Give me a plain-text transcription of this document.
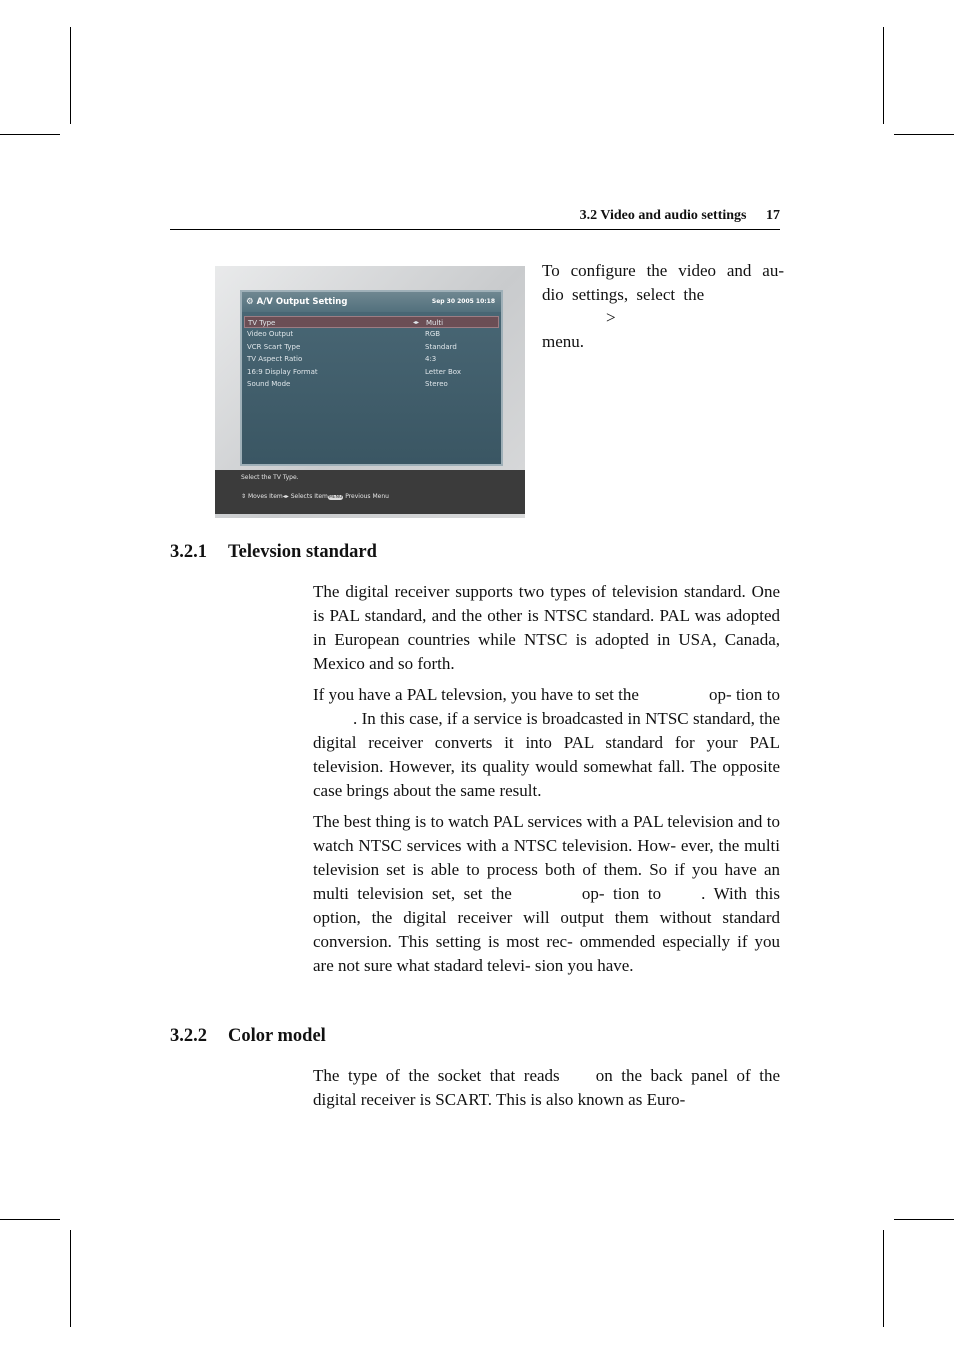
3.2 Video and audio settings 17
⚙ A/V Output Setting	Sep 30 2005 10:18
TV Type	◂▸ Multi
Video Output	RGB
VCR Scart Type	Standard
TV Aspect Ratio	4:3
16:9 Display Format	Letter Box
Sound Mode	Stereo
Select the TV Type.
⇕ Moves Item◂▸ Selects ItemMENU Previous Menu

To configure the video and au-

dio settings, select the

>

menu.

3.2.1 Televsion standard

The digital receiver supports two types of television standard. One is PAL standard, and the other is NTSC standard. PAL was adopted in European countries while NTSC is adopted in USA, Canada, Mexico and so forth.

If you have a PAL televsion, you have to set the	op- tion to. In this case, if a service is broadcasted in NTSC standard, the digital receiver converts it into PAL standard for your PAL television. However, its quality would somewhat fall. The opposite case brings about the same result.

The best thing is to watch PAL services with a PAL television and to watch NTSC services with a NTSC television. How- ever, the multi television set is able to process both of them. So if you have an multi television set, set the	op- tion to . With this option, the digital receiver will output them without standard conversion. This setting is most rec- ommended especially if you are not sure what stadard televi- sion you have.

3.2.2 Color model

The type of the socket that reads on the back panel of the digital receiver is SCART. This is also known as Euro-
